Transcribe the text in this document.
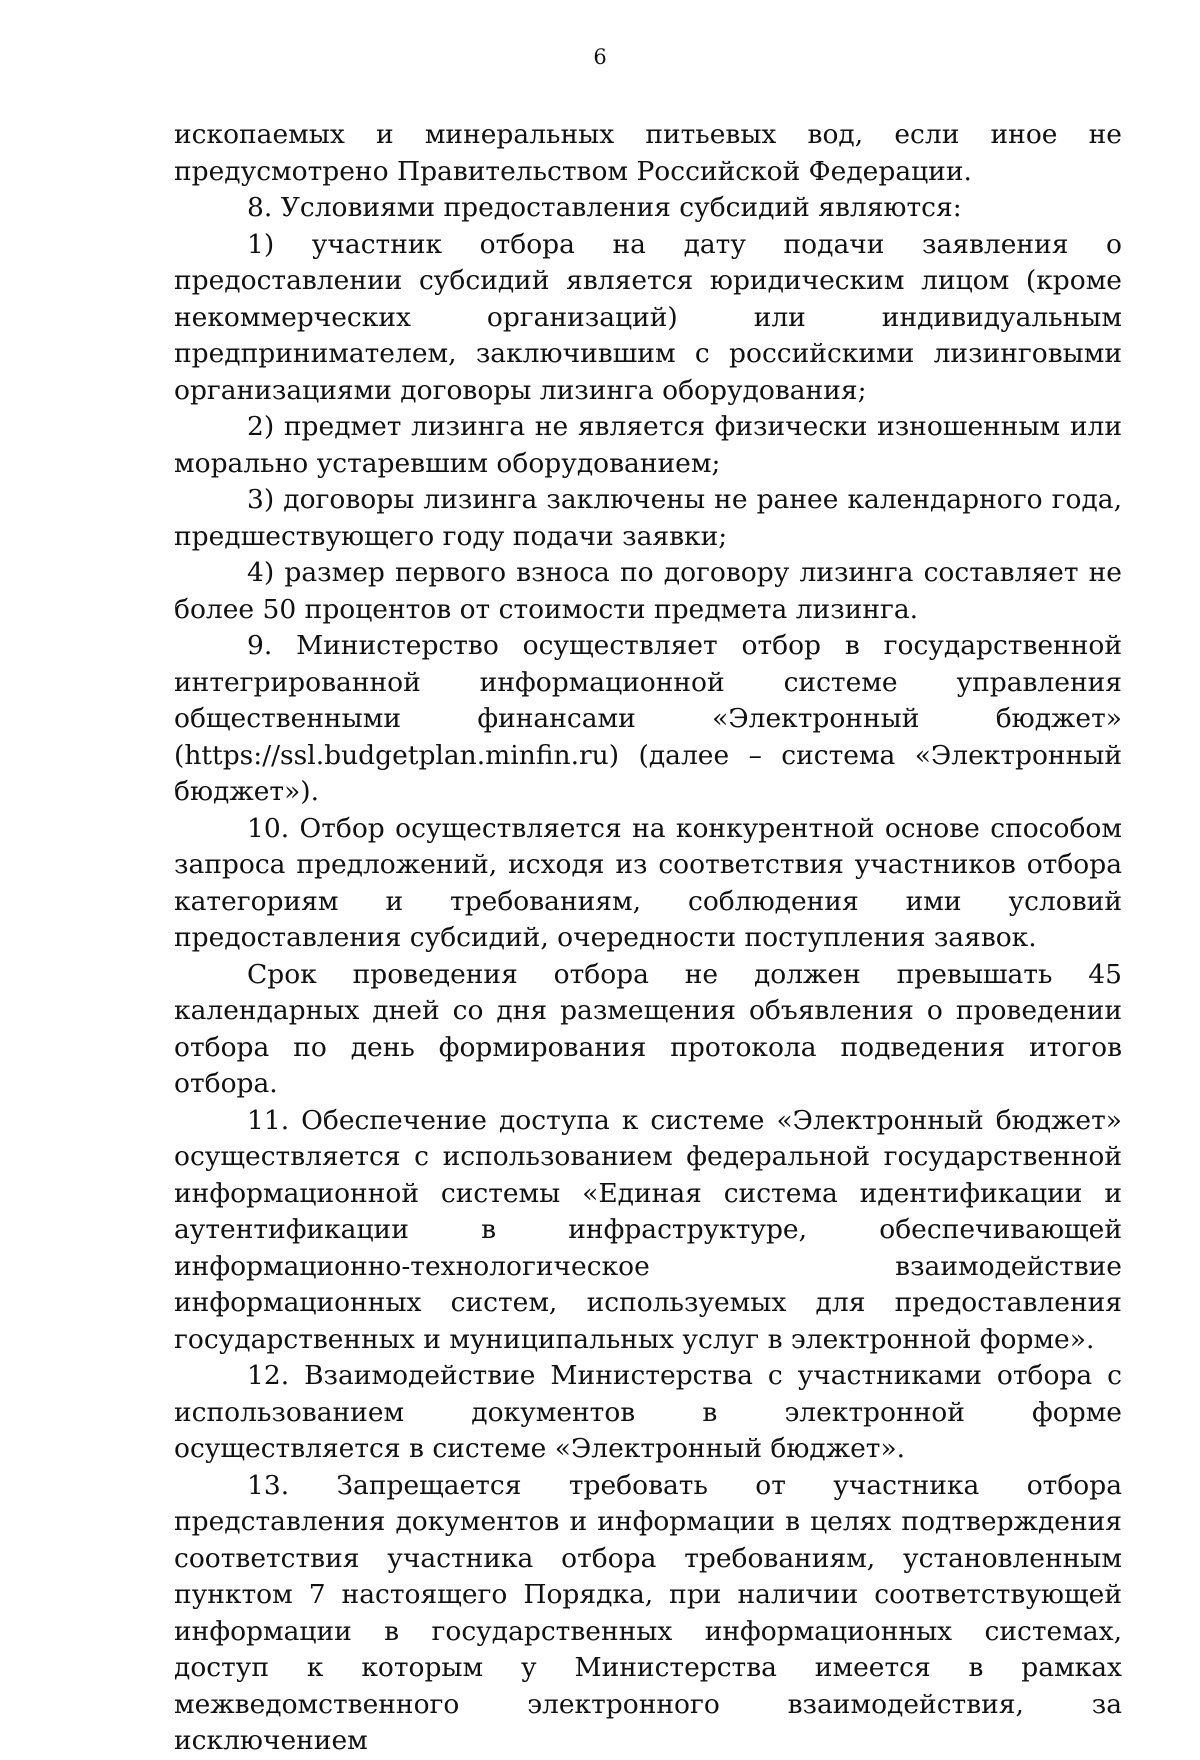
6

ископаемых и минеральных питьевых вод, если иное не предусмотрено Правительством Российской Федерации.

8. Условиями предоставления субсидий являются:

1) участник отбора на дату подачи заявления о предоставлении субсидий является юридическим лицом (кроме некоммерческих организаций) или индивидуальным предпринимателем, заключившим с российскими лизинговыми организациями договоры лизинга оборудования;

2) предмет лизинга не является физически изношенным или морально устаревшим оборудованием;

3) договоры лизинга заключены не ранее календарного года, предшествующего году подачи заявки;

4) размер первого взноса по договору лизинга составляет не более 50 процентов от стоимости предмета лизинга.

9. Министерство осуществляет отбор в государственной интегрированной информационной системе управления общественными финансами «Электронный бюджет» (https://ssl.budgetplan.minfin.ru) (далее – система «Электронный бюджет»).

10. Отбор осуществляется на конкурентной основе способом запроса предложений, исходя из соответствия участников отбора категориям и требованиям, соблюдения ими условий предоставления субсидий, очередности поступления заявок.

Срок проведения отбора не должен превышать 45 календарных дней со дня размещения объявления о проведении отбора по день формирования протокола подведения итогов отбора.

11. Обеспечение доступа к системе «Электронный бюджет» осуществляется с использованием федеральной государственной информационной системы «Единая система идентификации и аутентификации в инфраструктуре, обеспечивающей информационно-технологическое взаимодействие информационных систем, используемых для предоставления государственных и муниципальных услуг в электронной форме».

12. Взаимодействие Министерства с участниками отбора с использованием документов в электронной форме осуществляется в системе «Электронный бюджет».

13. Запрещается требовать от участника отбора представления документов и информации в целях подтверждения соответствия участника отбора требованиям, установленным пунктом 7 настоящего Порядка, при наличии соответствующей информации в государственных информационных системах, доступ к которым у Министерства имеется в рамках межведомственного электронного взаимодействия, за исключением
